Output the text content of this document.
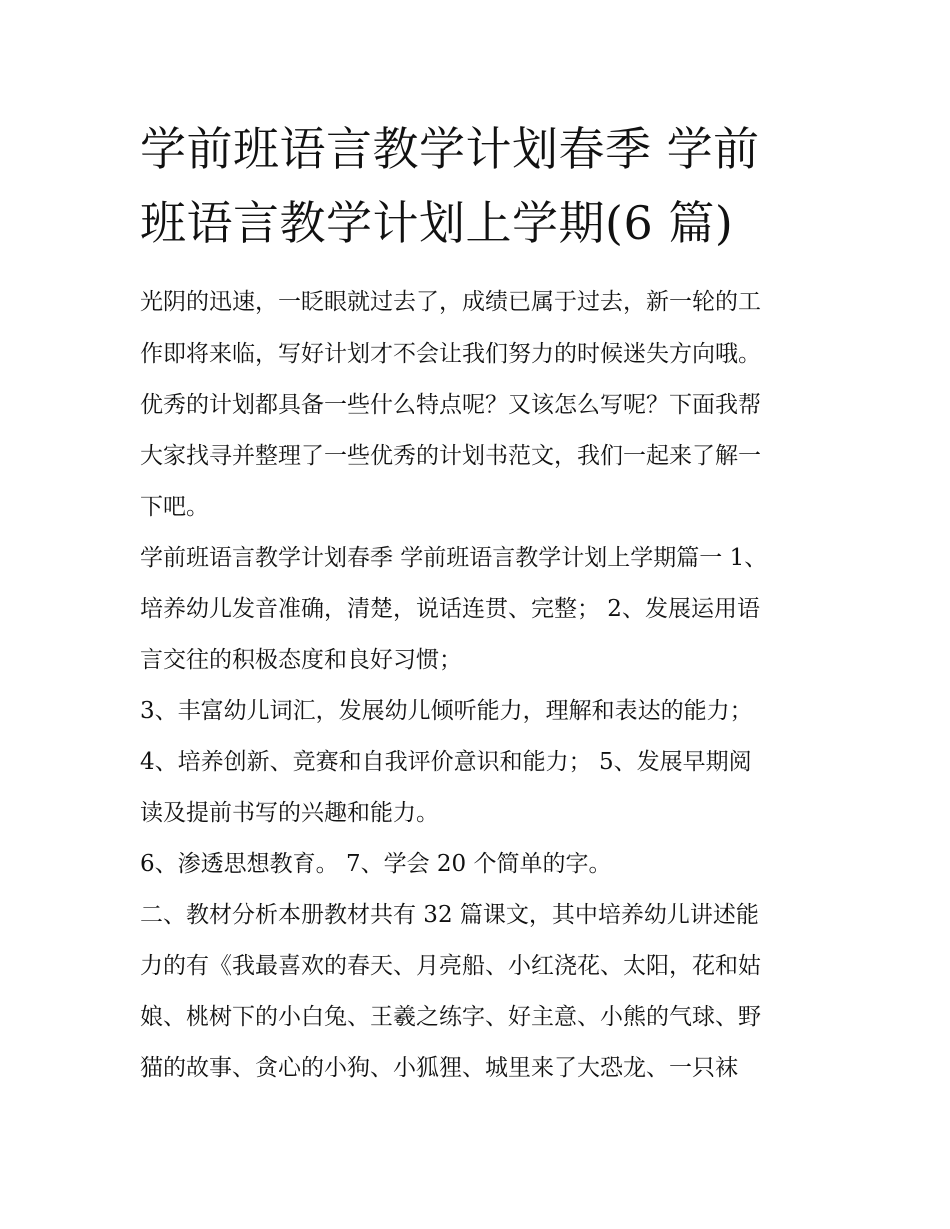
学前班语言教学计划春季 学前
班语言教学计划上学期(6 篇)

光阴的迅速，一眨眼就过去了，成绩已属于过去，新一轮的工

作即将来临，写好计划才不会让我们努力的时候迷失方向哦。

优秀的计划都具备一些什么特点呢？又该怎么写呢？下面我帮

大家找寻并整理了一些优秀的计划书范文，我们一起来了解一

下吧。

学前班语言教学计划春季 学前班语言教学计划上学期篇一 1、

培养幼儿发音准确，清楚，说话连贯、完整； 2、发展运用语

言交往的积极态度和良好习惯；

3、丰富幼儿词汇，发展幼儿倾听能力，理解和表达的能力；

4、培养创新、竞赛和自我评价意识和能力； 5、发展早期阅

读及提前书写的兴趣和能力。

6、渗透思想教育。 7、学会 20 个简单的字。

二、教材分析本册教材共有 32 篇课文，其中培养幼儿讲述能

力的有《我最喜欢的春天、月亮船、小红浇花、太阳，花和姑

娘、桃树下的小白兔、王羲之练字、好主意、小熊的气球、野

猫的故事、贪心的小狗、小狐狸、城里来了大恐龙、一只袜
